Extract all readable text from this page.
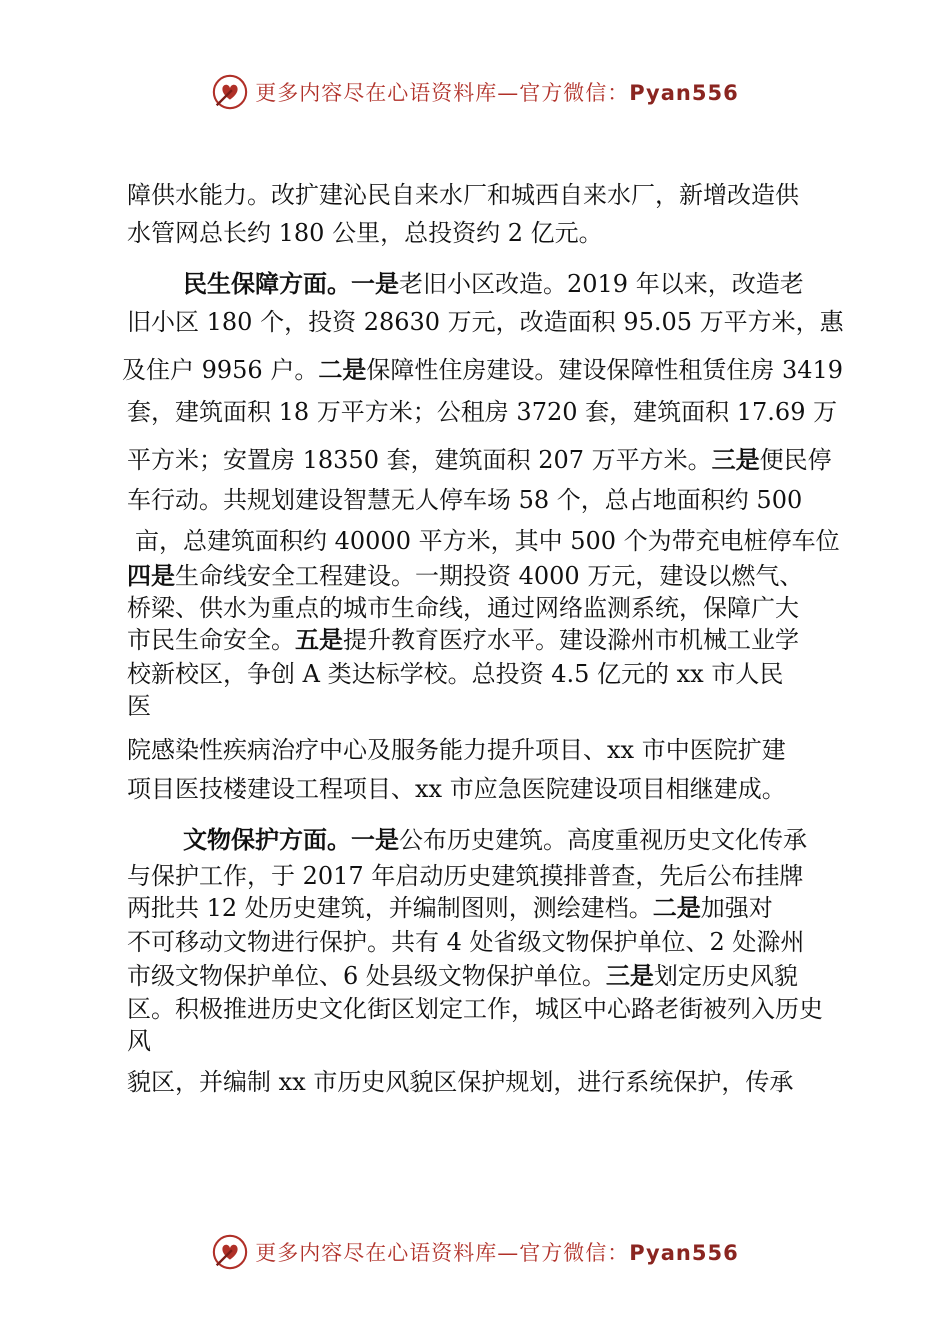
更多内容尽在心语资料库—官方微信：Pyan556
障供水能力。改扩建沁民自来水厂和城西自来水厂，新增改造供
水管网总长约 180 公里，总投资约 2 亿元。
民生保障方面。一是老旧小区改造。2019 年以来，改造老
旧小区 180 个，投资 28630 万元，改造面积 95.05 万平方米，惠
及住户 9956 户。二是保障性住房建设。建设保障性租赁住房 3419
套，建筑面积 18 万平方米；公租房 3720 套，建筑面积 17.69 万
平方米；安置房 18350 套，建筑面积 207 万平方米。三是便民停
车行动。共规划建设智慧无人停车场 58 个，总占地面积约 500
亩，总建筑面积约 40000 平方米，其中 500 个为带充电桩停车位
四是生命线安全工程建设。一期投资 4000 万元，建设以燃气、
桥梁、供水为重点的城市生命线，通过网络监测系统，保障广大
市民生命安全。五是提升教育医疗水平。建设滁州市机械工业学
校新校区，争创 A 类达标学校。总投资 4.5 亿元的 xx 市人民
医
院感染性疾病治疗中心及服务能力提升项目、xx 市中医院扩建
项目医技楼建设工程项目、xx 市应急医院建设项目相继建成。
文物保护方面。一是公布历史建筑。高度重视历史文化传承
与保护工作，于 2017 年启动历史建筑摸排普查，先后公布挂牌
两批共 12 处历史建筑，并编制图则，测绘建档。二是加强对
不可移动文物进行保护。共有 4 处省级文物保护单位、2 处滁州
市级文物保护单位、6 处县级文物保护单位。三是划定历史风貌
区。积极推进历史文化街区划定工作，城区中心路老街被列入历史
风
貌区，并编制 xx 市历史风貌区保护规划，进行系统保护，传承
更多内容尽在心语资料库—官方微信：Pyan556
